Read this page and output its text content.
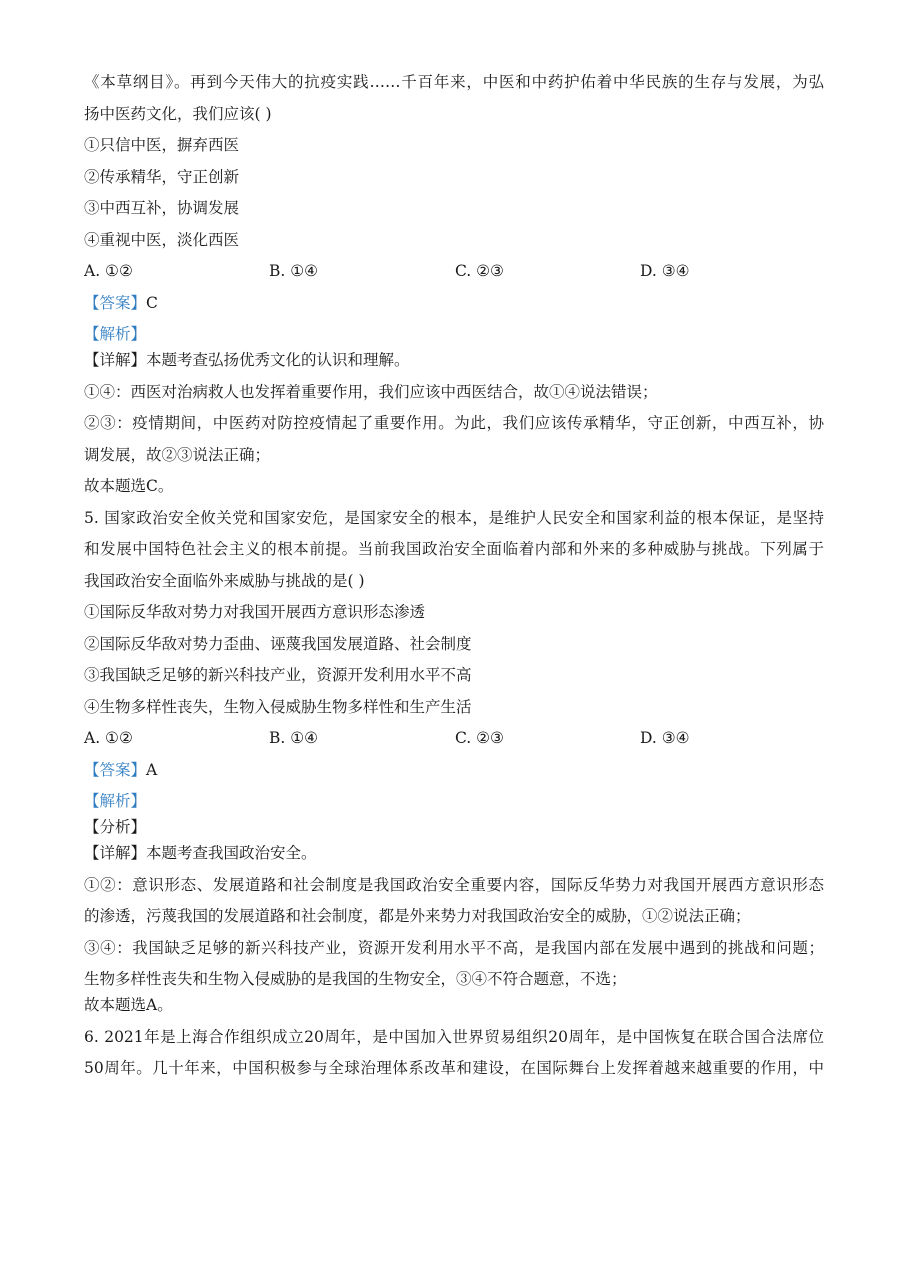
《本草纲目》。再到今天伟大的抗疫实践……千百年来，中医和中药护佑着中华民族的生存与发展，为弘
扬中医药文化，我们应该( )
①只信中医，摒弃西医
②传承精华，守正创新
③中西互补，协调发展
④重视中医，淡化西医
A. ①②	B. ①④	C. ②③	D. ③④
【答案】C
【解析】
【详解】本题考查弘扬优秀文化的认识和理解。
①④：西医对治病救人也发挥着重要作用，我们应该中西医结合，故①④说法错误；
②③：疫情期间，中医药对防控疫情起了重要作用。为此，我们应该传承精华，守正创新，中西互补，协
调发展，故②③说法正确；
故本题选C。
5. 国家政治安全攸关党和国家安危，是国家安全的根本，是维护人民安全和国家利益的根本保证，是坚持
和发展中国特色社会主义的根本前提。当前我国政治安全面临着内部和外来的多种威胁与挑战。下列属于
我国政治安全面临外来威胁与挑战的是( )
①国际反华敌对势力对我国开展西方意识形态渗透
②国际反华敌对势力歪曲、诬蔑我国发展道路、社会制度
③我国缺乏足够的新兴科技产业，资源开发利用水平不高
④生物多样性丧失，生物入侵威胁生物多样性和生产生活
A. ①②	B. ①④	C. ②③	D. ③④
【答案】A
【解析】
【分析】
【详解】本题考查我国政治安全。
①②：意识形态、发展道路和社会制度是我国政治安全重要内容，国际反华势力对我国开展西方意识形态
的渗透，污蔑我国的发展道路和社会制度，都是外来势力对我国政治安全的威胁，①②说法正确；
③④：我国缺乏足够的新兴科技产业，资源开发利用水平不高，是我国内部在发展中遇到的挑战和问题；
生物多样性丧失和生物入侵威胁的是我国的生物安全，③④不符合题意，不选；
故本题选A。
6. 2021年是上海合作组织成立20周年，是中国加入世界贸易组织20周年，是中国恢复在联合国合法席位
50周年。几十年来，中国积极参与全球治理体系改革和建设，在国际舞台上发挥着越来越重要的作用，中
